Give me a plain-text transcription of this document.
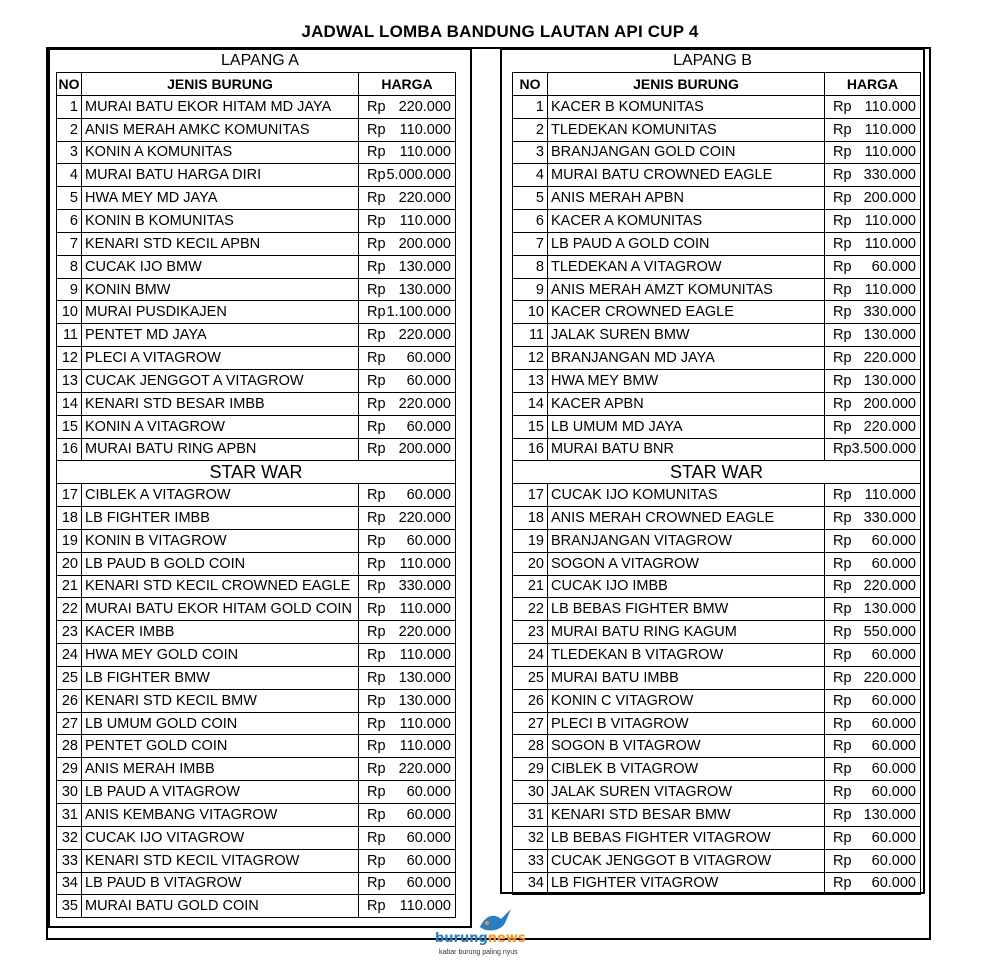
JADWAL LOMBA BANDUNG LAUTAN API CUP 4
LAPANG A
NO	JENIS BURUNG	HARGA
1	MURAI BATU EKOR HITAM MD JAYA	Rp 220.000

2	ANIS MERAH AMKC KOMUNITAS	Rp 110.000

3	KONIN A KOMUNITAS	Rp 110.000

4	MURAI BATU HARGA DIRI	Rp 5.000.000

5	HWA MEY MD JAYA	Rp 220.000

6	KONIN B KOMUNITAS	Rp 110.000

7	KENARI STD KECIL APBN	Rp 200.000

8	CUCAK IJO BMW	Rp 130.000

9	KONIN BMW	Rp 130.000

10	MURAI PUSDIKAJEN	Rp 1.100.000

11	PENTET MD JAYA	Rp 220.000

12	PLECI A VITAGROW	Rp 60.000

13	CUCAK JENGGOT A VITAGROW	Rp 60.000

14	KENARI STD BESAR IMBB	Rp 220.000

15	KONIN A VITAGROW	Rp 60.000

16	MURAI BATU RING APBN	Rp 200.000

STAR WAR		
17	CIBLEK A VITAGROW	Rp 60.000

18	LB FIGHTER IMBB	Rp 220.000

19	KONIN B VITAGROW	Rp 60.000

20	LB PAUD B GOLD COIN	Rp 110.000

21	KENARI STD KECIL CROWNED EAGLE	Rp 330.000

22	MURAI BATU EKOR HITAM GOLD COIN	Rp 110.000

23	KACER IMBB	Rp 220.000

24	HWA MEY GOLD COIN	Rp 110.000

25	LB FIGHTER BMW	Rp 130.000

26	KENARI STD KECIL BMW	Rp 130.000

27	LB UMUM GOLD COIN	Rp 110.000

28	PENTET GOLD COIN	Rp 110.000

29	ANIS MERAH IMBB	Rp 220.000

30	LB PAUD A VITAGROW	Rp 60.000

31	ANIS KEMBANG VITAGROW	Rp 60.000

32	CUCAK IJO VITAGROW	Rp 60.000

33	KENARI STD KECIL VITAGROW	Rp 60.000

34	LB PAUD B VITAGROW	Rp 60.000

35	MURAI BATU GOLD COIN	Rp 110.000
LAPANG B
NO	JENIS BURUNG	HARGA
1	KACER B KOMUNITAS	Rp 110.000

2	TLEDEKAN KOMUNITAS	Rp 110.000

3	BRANJANGAN GOLD COIN	Rp 110.000

4	MURAI BATU CROWNED EAGLE	Rp 330.000

5	ANIS MERAH APBN	Rp 200.000

6	KACER A KOMUNITAS	Rp 110.000

7	LB PAUD A GOLD COIN	Rp 110.000

8	TLEDEKAN A VITAGROW	Rp 60.000

9	ANIS MERAH AMZT KOMUNITAS	Rp 110.000

10	KACER CROWNED EAGLE	Rp 330.000

11	JALAK SUREN BMW	Rp 130.000

12	BRANJANGAN MD JAYA	Rp 220.000

13	HWA MEY BMW	Rp 130.000

14	KACER APBN	Rp 200.000

15	LB UMUM MD JAYA	Rp 220.000

16	MURAI BATU BNR	Rp 3.500.000

STAR WAR		
17	CUCAK IJO KOMUNITAS	Rp 110.000

18	ANIS MERAH CROWNED EAGLE	Rp 330.000

19	BRANJANGAN VITAGROW	Rp 60.000

20	SOGON A VITAGROW	Rp 60.000

21	CUCAK IJO IMBB	Rp 220.000

22	LB BEBAS FIGHTER BMW	Rp 130.000

23	MURAI BATU RING KAGUM	Rp 550.000

24	TLEDEKAN B VITAGROW	Rp 60.000

25	MURAI BATU IMBB	Rp 220.000

26	KONIN C VITAGROW	Rp 60.000

27	PLECI B VITAGROW	Rp 60.000

28	SOGON B VITAGROW	Rp 60.000

29	CIBLEK B VITAGROW	Rp 60.000

30	JALAK SUREN VITAGROW	Rp 60.000

31	KENARI STD BESAR BMW	Rp 130.000

32	LB BEBAS FIGHTER VITAGROW	Rp 60.000

33	CUCAK JENGGOT B VITAGROW	Rp 60.000

34	LB FIGHTER VITAGROW	Rp 60.000
burungnews
kabar burung paling nyus
